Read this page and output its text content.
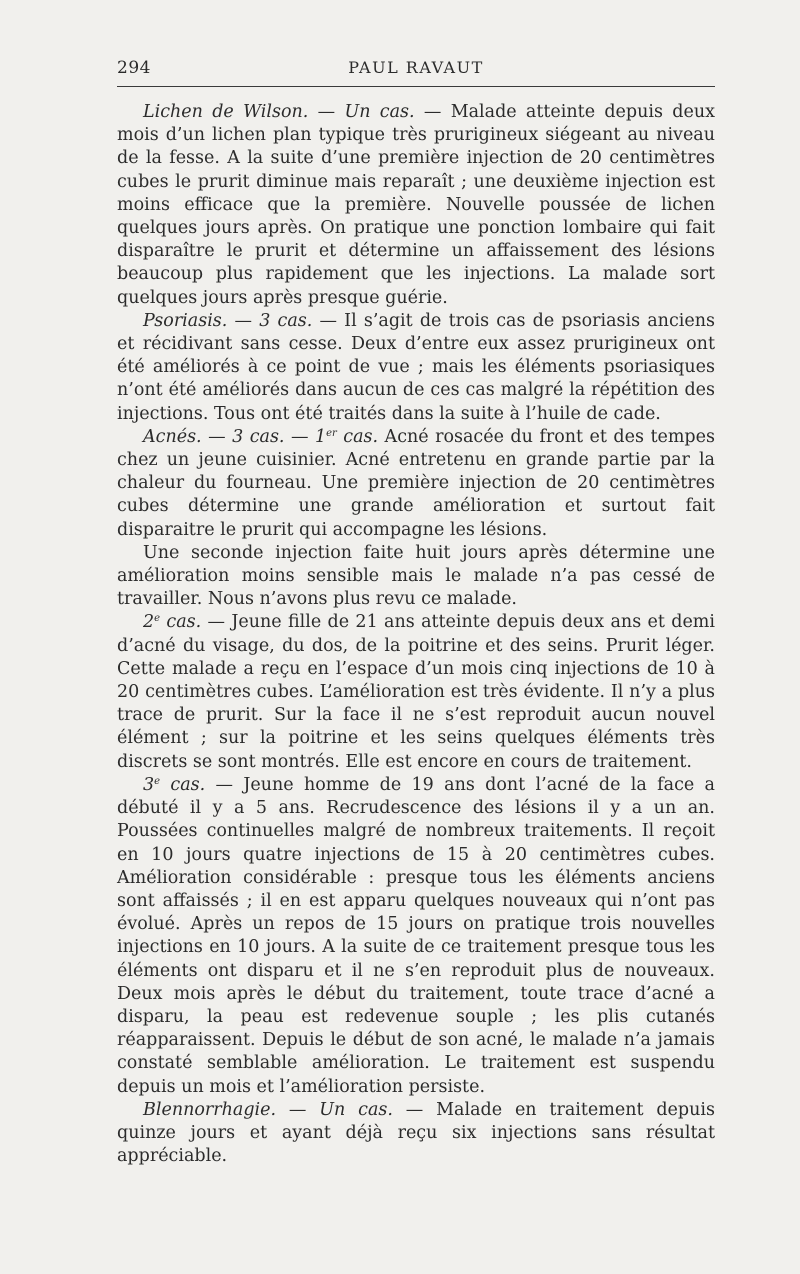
294	PAUL RAVAUT

Lichen de Wilson. — Un cas. — Malade atteinte depuis deux mois d’un lichen plan typique très prurigineux siégeant au niveau de la fesse. A la suite d’une première injection de 20 centimètres cubes le prurit diminue mais reparaît ; une deuxième injection est moins efficace que la première. Nouvelle poussée de lichen quelques jours après. On pratique une ponction lombaire qui fait disparaître le prurit et détermine un affaissement des lésions beaucoup plus rapidement que les injections. La malade sort quelques jours après presque guérie.

Psoriasis. — 3 cas. — Il s’agit de trois cas de psoriasis anciens et récidivant sans cesse. Deux d’entre eux assez prurigineux ont été améliorés à ce point de vue ; mais les éléments psoriasiques n’ont été améliorés dans aucun de ces cas malgré la répétition des injections. Tous ont été traités dans la suite à l’huile de cade.

Acnés. — 3 cas. — 1er cas. Acné rosacée du front et des tempes chez un jeune cuisinier. Acné entretenu en grande partie par la chaleur du fourneau. Une première injection de 20 centimètres cubes détermine une grande amélioration et surtout fait disparaitre le prurit qui accompagne les lésions.

Une seconde injection faite huit jours après détermine une amélioration moins sensible mais le malade n’a pas cessé de travailler. Nous n’avons plus revu ce malade.

2e cas. — Jeune fille de 21 ans atteinte depuis deux ans et demi d’acné du visage, du dos, de la poitrine et des seins. Prurit léger. Cette malade a reçu en l’espace d’un mois cinq injections de 10 à 20 centimètres cubes. L’amélioration est très évidente. Il n’y a plus trace de prurit. Sur la face il ne s’est reproduit aucun nouvel élément ; sur la poitrine et les seins quelques éléments très discrets se sont montrés. Elle est encore en cours de traitement.

3e cas. — Jeune homme de 19 ans dont l’acné de la face a débuté il y a 5 ans. Recrudescence des lésions il y a un an. Poussées continuelles malgré de nombreux traitements. Il reçoit en 10 jours quatre injections de 15 à 20 centimètres cubes. Amélioration considérable : presque tous les éléments anciens sont affaissés ; il en est apparu quelques nouveaux qui n’ont pas évolué. Après un repos de 15 jours on pratique trois nouvelles injections en 10 jours. A la suite de ce traitement presque tous les éléments ont disparu et il ne s’en reproduit plus de nouveaux. Deux mois après le début du traitement, toute trace d’acné a disparu, la peau est redevenue souple ; les plis cutanés réapparaissent. Depuis le début de son acné, le malade n’a jamais constaté semblable amélioration. Le traitement est suspendu depuis un mois et l’amélioration persiste.

Blennorrhagie. — Un cas. — Malade en traitement depuis quinze jours et ayant déjà reçu six injections sans résultat appréciable.
